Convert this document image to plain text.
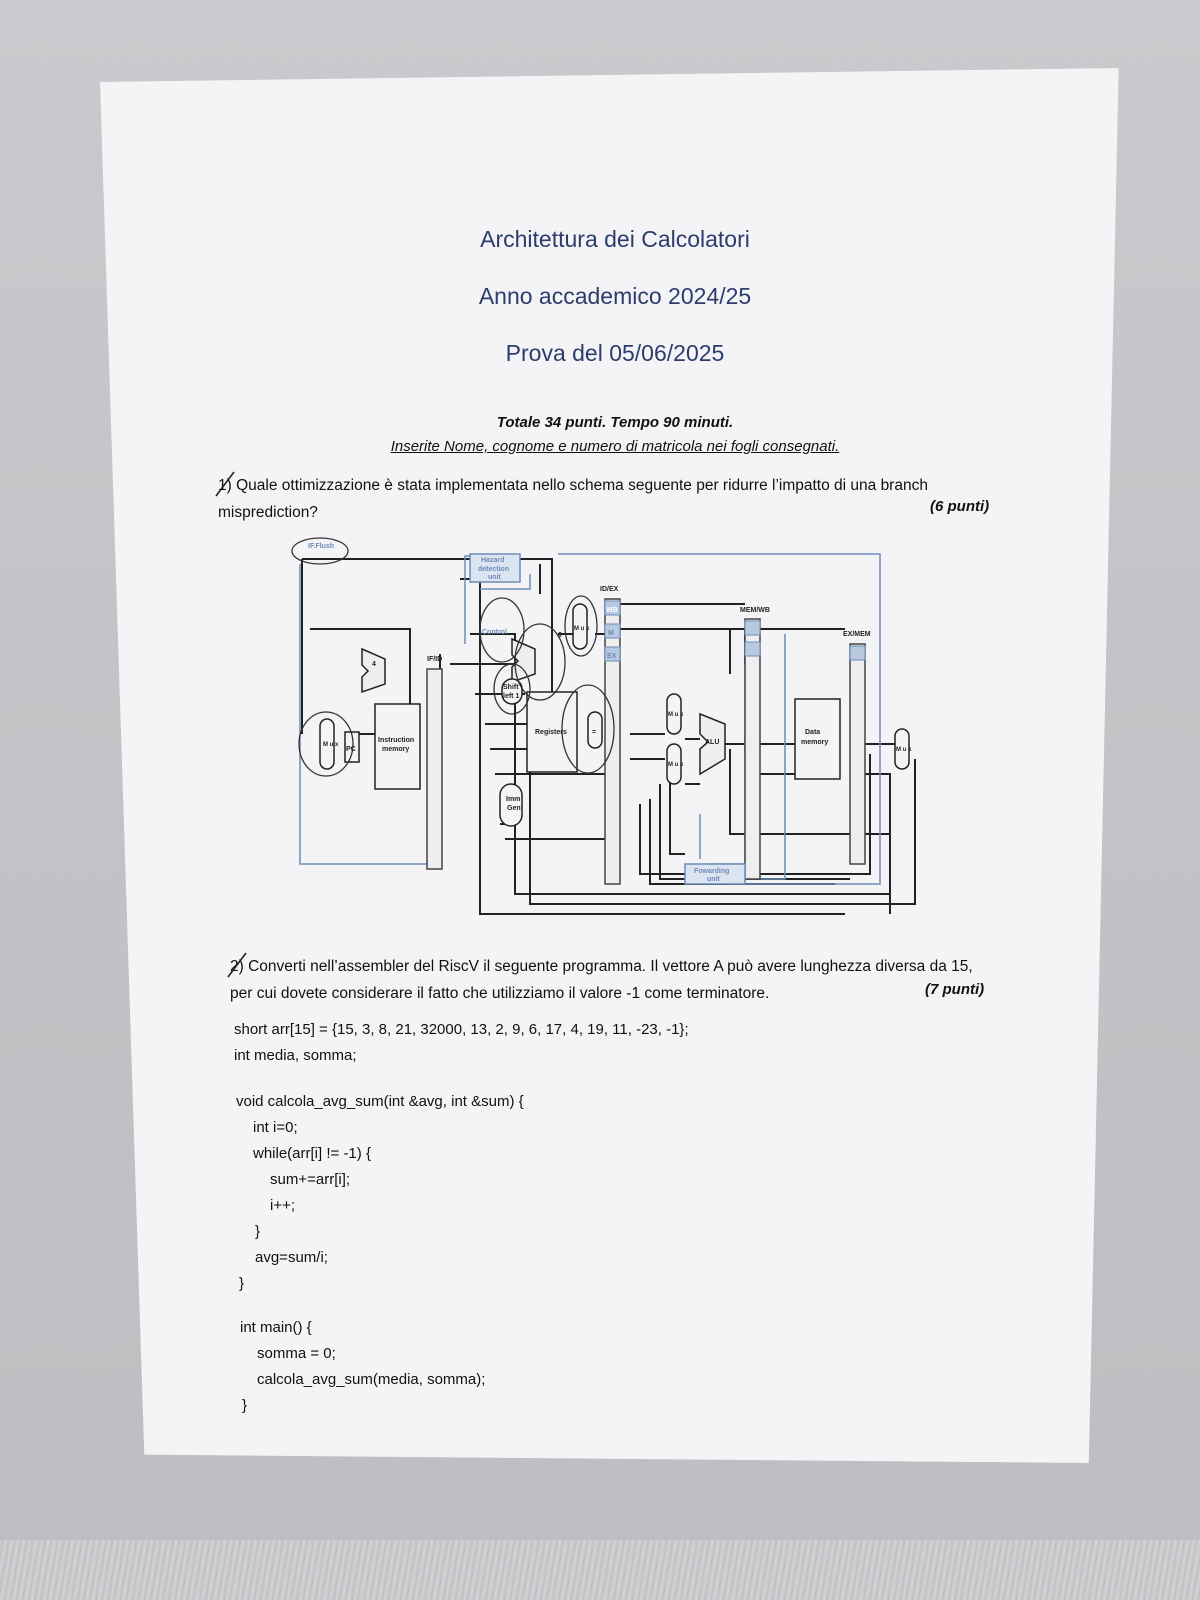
Architettura dei Calcolatori
Anno accademico 2024/25
Prova del 05/06/2025
Totale 34 punti. Tempo 90 minuti.
Inserite Nome, cognome e numero di matricola nei fogli consegnati.
1) Quale ottimizzazione è stata implementata nello schema seguente per ridurre l’impatto di una branch
misprediction?	(6 punti)
IF.Flush
Hazard
detection
unit
Control
ID/EX
MEM/WB
EX/MEM
IF/ID
WB
M
EX
PC
4
Instruction
memory
Registers
Shift
left 1
Imm
Gen
=
ALU
Data
memory
Fowarding
unit
0
M u x
M u x
M u x
M u x
M u x
2) Converti nell’assembler del RiscV il seguente programma. Il vettore A può avere lunghezza diversa da 15,
per cui dovete considerare il fatto che utilizziamo il valore -1 come terminatore.	(7 punti)
short arr[15] = {15, 3, 8, 21, 32000, 13, 2, 9, 6, 17, 4, 19, 11, -23, -1};
int media, somma;
void calcola_avg_sum(int &avg, int &sum) {
int i=0;
while(arr[i] != -1) {
sum+=arr[i];
i++;
}
avg=sum/i;
}
int main() {
somma = 0;
calcola_avg_sum(media, somma);
}
